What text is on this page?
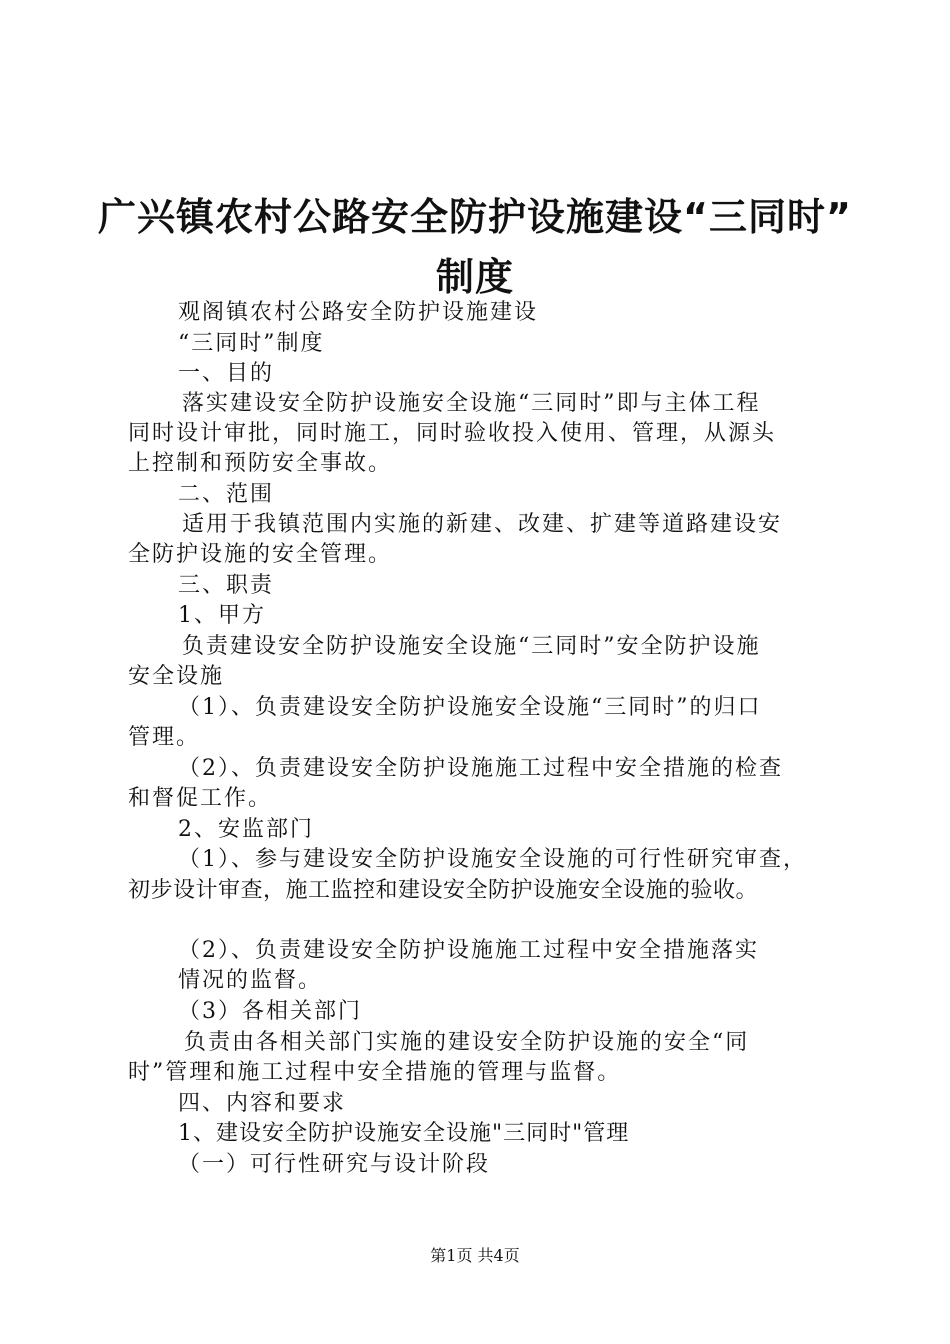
广兴镇农村公路安全防护设施建设“三同时”
制度
观阁镇农村公路安全防护设施建设
“三同时”制度
一、目的
落实建设安全防护设施安全设施“三同时”即与主体工程
同时设计审批，同时施工，同时验收投入使用、管理，从源头
上控制和预防安全事故。
二、范围
适用于我镇范围内实施的新建、改建、扩建等道路建设安
全防护设施的安全管理。
三、职责
1、甲方
负责建设安全防护设施安全设施“三同时”安全防护设施
安全设施
（1）、负责建设安全防护设施安全设施“三同时”的归口
管理。
（2）、负责建设安全防护设施施工过程中安全措施的检查
和督促工作。
2、安监部门
（1）、参与建设安全防护设施安全设施的可行性研究审查，
初步设计审查，施工监控和建设安全防护设施安全设施的验收。
（2）、负责建设安全防护设施施工过程中安全措施落实
情况的监督。
（3）各相关部门
负责由各相关部门实施的建设安全防护设施的安全“同
时”管理和施工过程中安全措施的管理与监督。
四、内容和要求
1、建设安全防护设施安全设施"三同时"管理
（一）可行性研究与设计阶段
第1页 共4页
